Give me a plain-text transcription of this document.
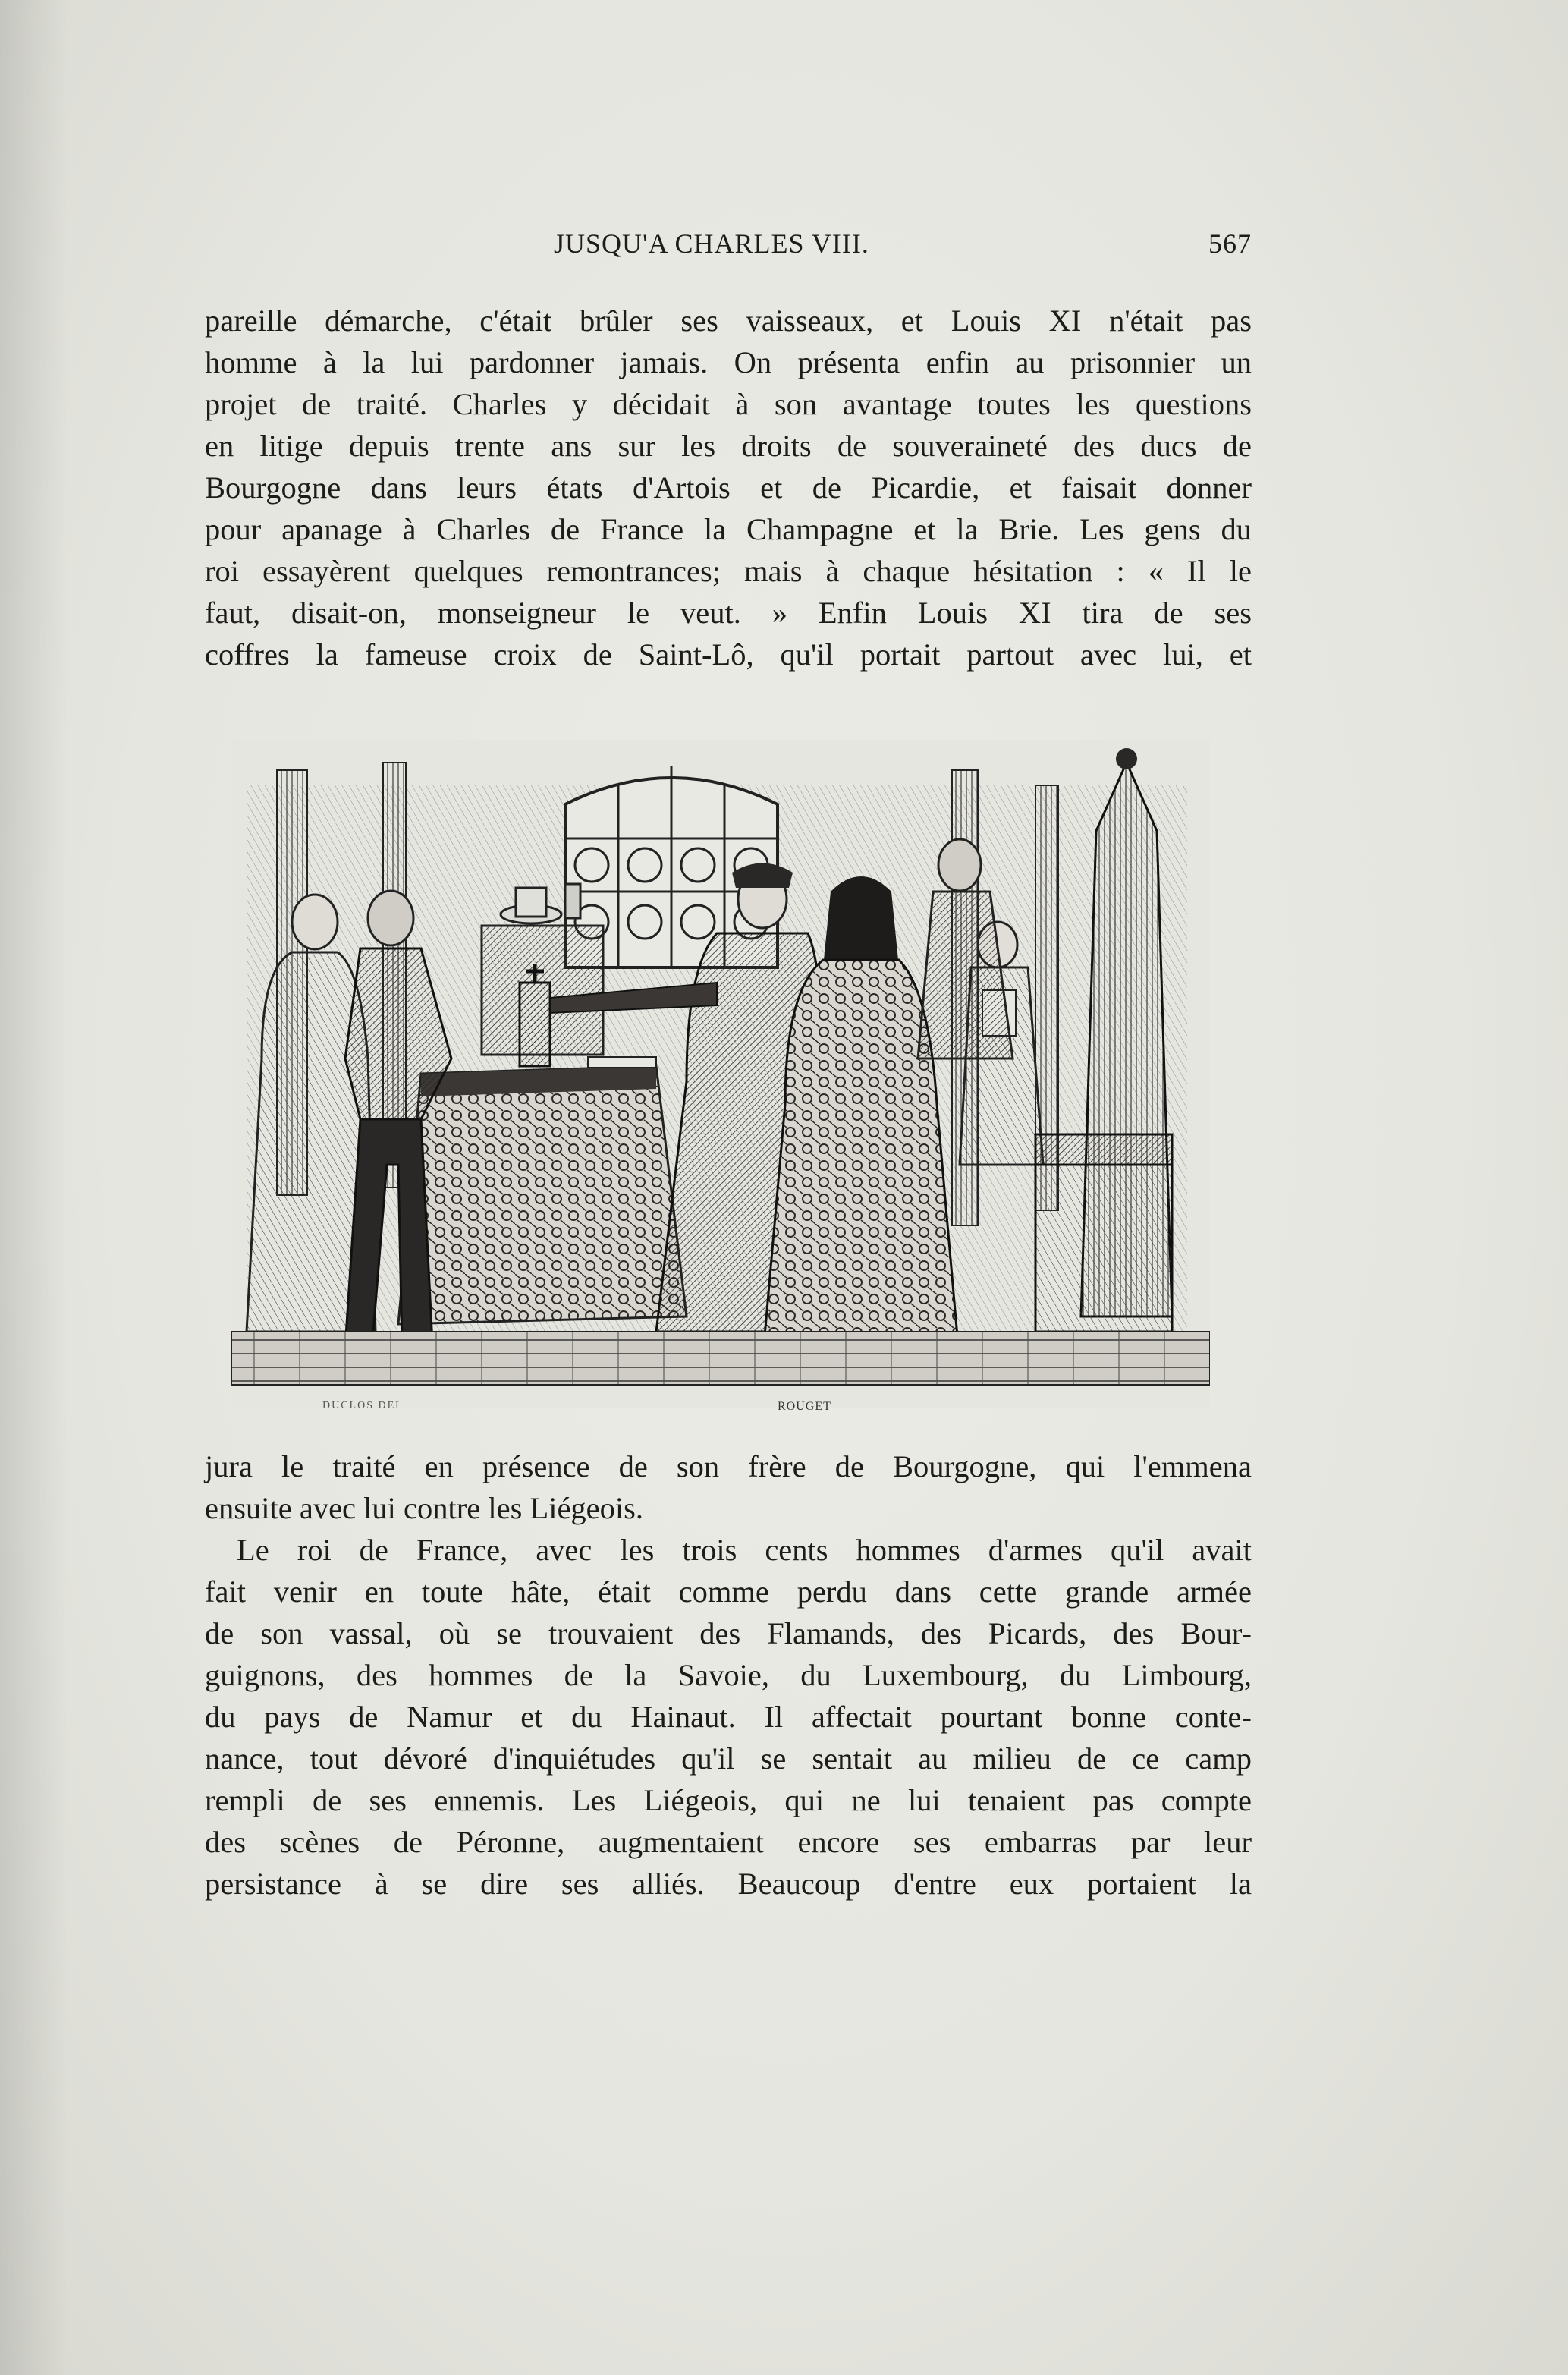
JUSQU'A CHARLES VIII.	567

pareille démarche, c'était brûler ses vaisseaux, et Louis XI n'était pas
homme à la lui pardonner jamais. On présenta enfin au prisonnier un
projet de traité. Charles y décidait à son avantage toutes les questions
en litige depuis trente ans sur les droits de souveraineté des ducs de
Bourgogne dans leurs états d'Artois et de Picardie, et faisait donner
pour apanage à Charles de France la Champagne et la Brie. Les gens du
roi essayèrent quelques remontrances; mais à chaque hésitation : « Il le
faut, disait-on, monseigneur le veut. » Enfin Louis XI tira de ses
coffres la fameuse croix de Saint-Lô, qu'il portait partout avec lui, et

DUCLOS DEL	ROUGET

jura le traité en présence de son frère de Bourgogne, qui l'emmena
ensuite avec lui contre les Liégeois.

Le roi de France, avec les trois cents hommes d'armes qu'il avait
fait venir en toute hâte, était comme perdu dans cette grande armée
de son vassal, où se trouvaient des Flamands, des Picards, des Bour-
guignons, des hommes de la Savoie, du Luxembourg, du Limbourg,
du pays de Namur et du Hainaut. Il affectait pourtant bonne conte-
nance, tout dévoré d'inquiétudes qu'il se sentait au milieu de ce camp
rempli de ses ennemis. Les Liégeois, qui ne lui tenaient pas compte
des scènes de Péronne, augmentaient encore ses embarras par leur
persistance à se dire ses alliés. Beaucoup d'entre eux portaient la
